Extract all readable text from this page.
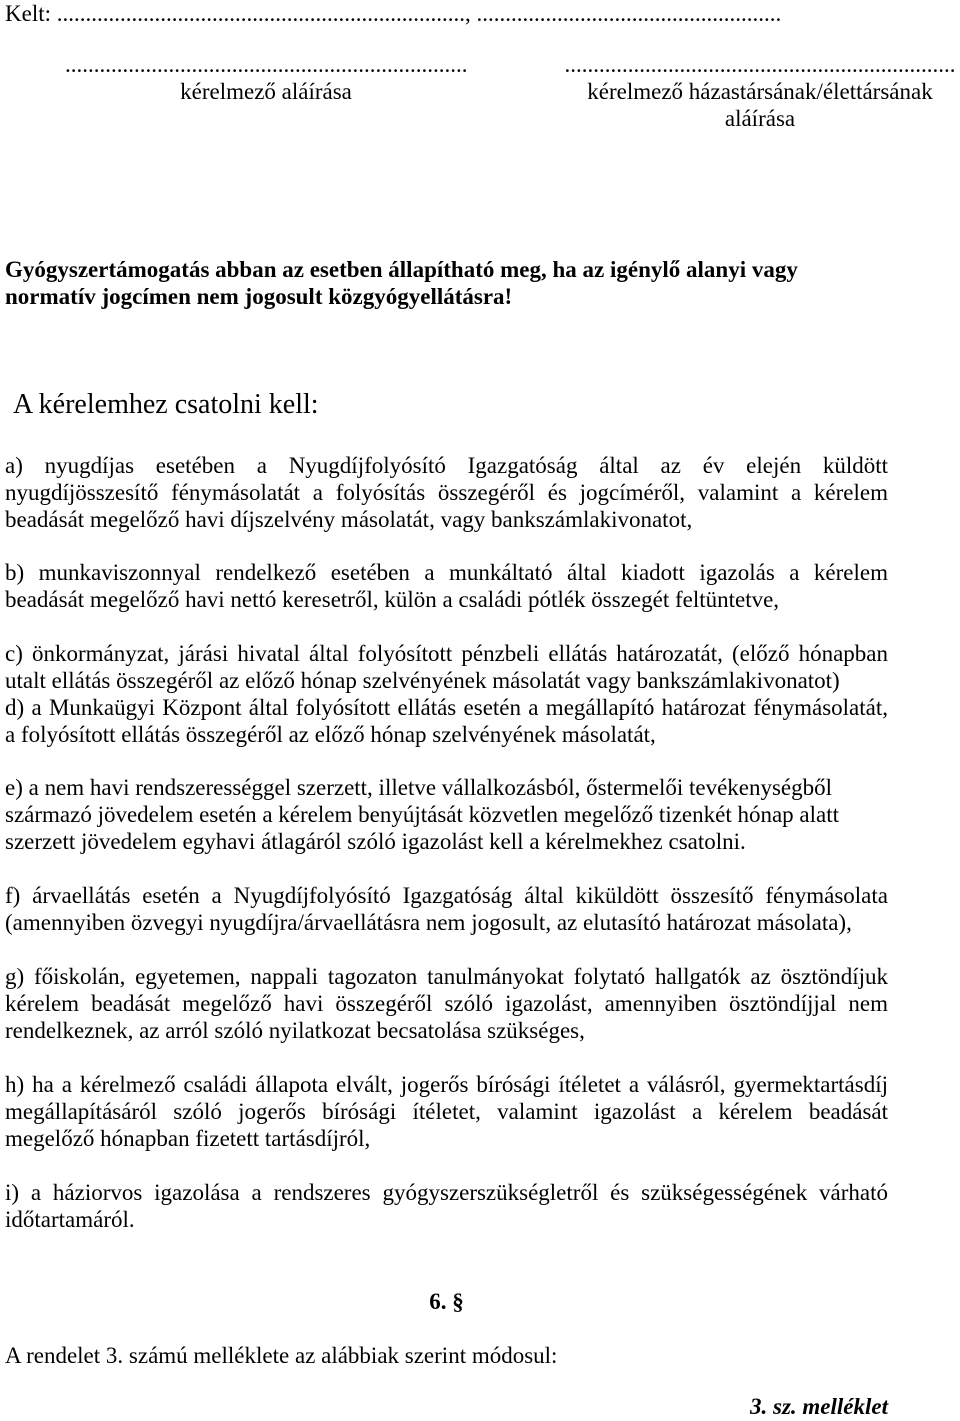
Kelt: ......................................................................., .....................................................
......................................................................
kérelmező aláírása
....................................................................
kérelmező házastársának/élettársának
aláírása
Gyógyszertámogatás abban az esetben állapítható meg, ha az igénylő alanyi vagy
normatív jogcímen nem jogosult közgyógyellátásra!
A kérelemhez csatolni kell:
a) nyugdíjas esetében a Nyugdíjfolyósító Igazgatóság által az év elején küldött
nyugdíjösszesítő fénymásolatát a folyósítás összegéről és jogcíméről, valamint a kérelem
beadását megelőző havi díjszelvény másolatát, vagy bankszámlakivonatot,
b) munkaviszonnyal rendelkező esetében a munkáltató által kiadott igazolás a kérelem
beadását megelőző havi nettó keresetről, külön a családi pótlék összegét feltüntetve,
c) önkormányzat, járási hivatal által folyósított pénzbeli ellátás határozatát, (előző hónapban
utalt ellátás összegéről az előző hónap szelvényének másolatát vagy bankszámlakivonatot)
d) a Munkaügyi Központ által folyósított ellátás esetén a megállapító határozat fénymásolatát,
a folyósított ellátás összegéről az előző hónap szelvényének másolatát,
e) a nem havi rendszerességgel szerzett, illetve vállalkozásból, őstermelői tevékenységből
származó jövedelem esetén a kérelem benyújtását közvetlen megelőző tizenkét hónap alatt
szerzett jövedelem egyhavi átlagáról szóló igazolást kell a kérelmekhez csatolni.
f) árvaellátás esetén a Nyugdíjfolyósító Igazgatóság által kiküldött összesítő fénymásolata
(amennyiben özvegyi nyugdíjra/árvaellátásra nem jogosult, az elutasító határozat másolata),
g) főiskolán, egyetemen, nappali tagozaton tanulmányokat folytató hallgatók az ösztöndíjuk
kérelem beadását megelőző havi összegéről szóló igazolást, amennyiben ösztöndíjjal nem
rendelkeznek, az arról szóló nyilatkozat becsatolása szükséges,
h) ha a kérelmező családi állapota elvált, jogerős bírósági ítéletet a válásról, gyermektartásdíj
megállapításáról szóló jogerős bírósági ítéletet, valamint igazolást a kérelem beadását
megelőző hónapban fizetett tartásdíjról,
i) a háziorvos igazolása a rendszeres gyógyszerszükségletről és szükségességének várható
időtartamáról.
6. §
A rendelet 3. számú melléklete az alábbiak szerint módosul:
3. sz. melléklet
